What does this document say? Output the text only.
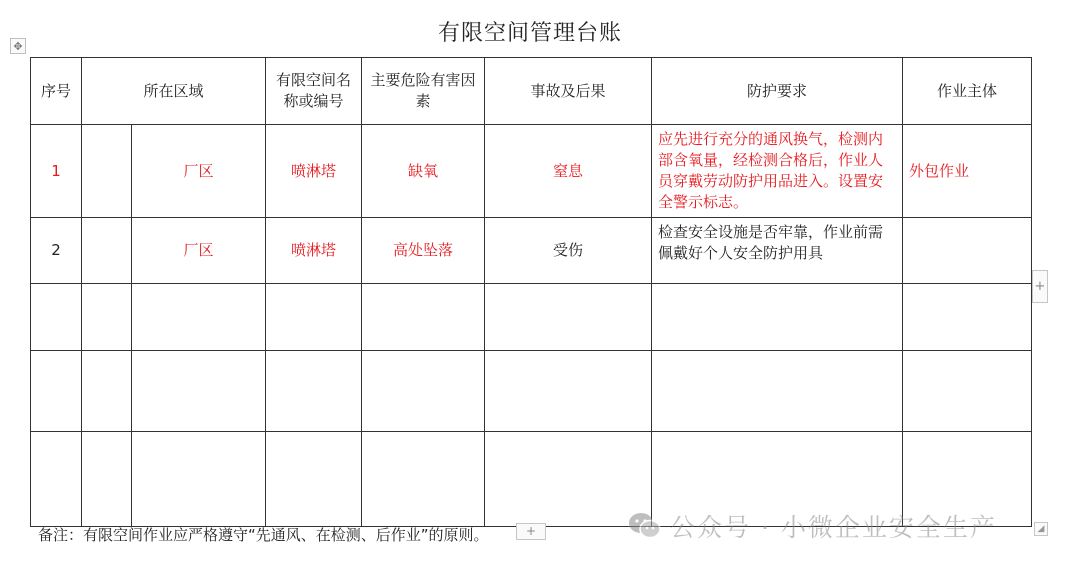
有限空间管理台账
✥
序号	所在区域		有限空间名称或编号	主要危险有害因素	事故及后果	防护要求	作业主体
1		厂区	喷淋塔	缺氧	窒息	应先进行充分的通风换气，检测内部含氧量，经检测合格后，作业人员穿戴劳动防护用品进入。设置安全警示标志。	外包作业
2		厂区	喷淋塔	高处坠落	受伤	检查安全设施是否牢靠，作业前需佩戴好个人安全防护用具	

+
备注：有限空间作业应严格遵守“先通风、在检测、后作业”的原则。	+	◢
公众号 · 小微企业安全生产
